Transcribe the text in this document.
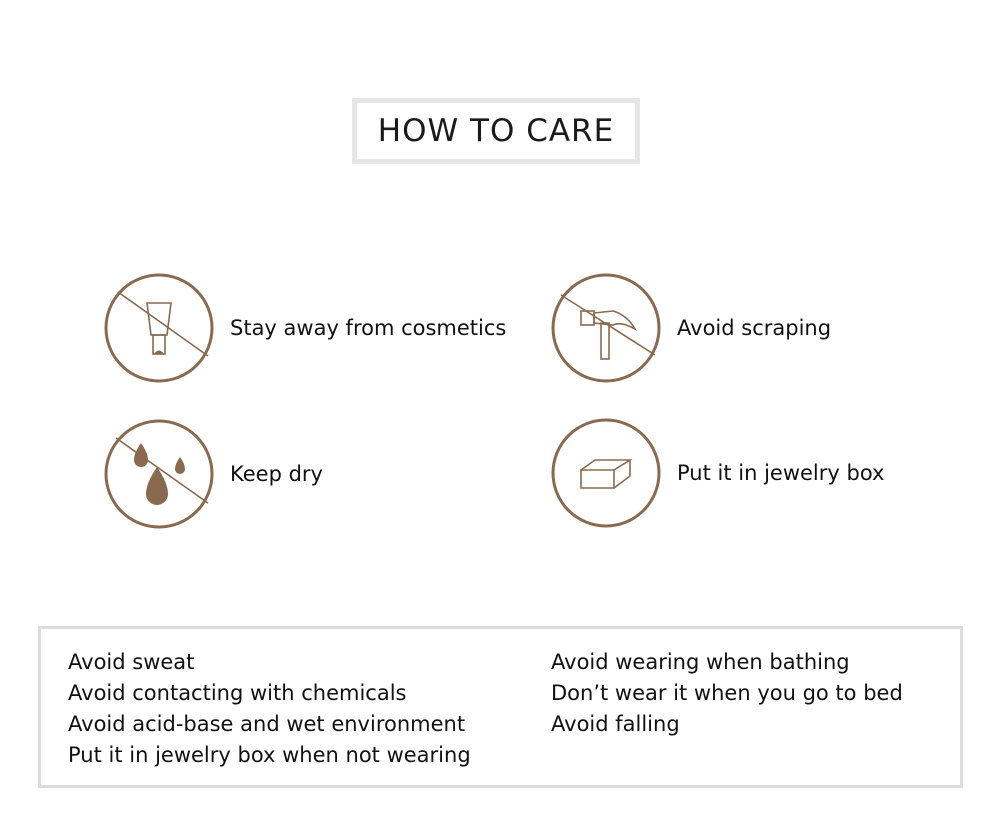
HOW TO CARE
Stay away from cosmetics	Avoid scraping
Keep dry	Put it in jewelry box
Avoid sweat
Avoid contacting with chemicals
Avoid acid-base and wet environment
Put it in jewelry box when not wearing
Avoid wearing when bathing
Don’t wear it when you go to bed
Avoid falling
